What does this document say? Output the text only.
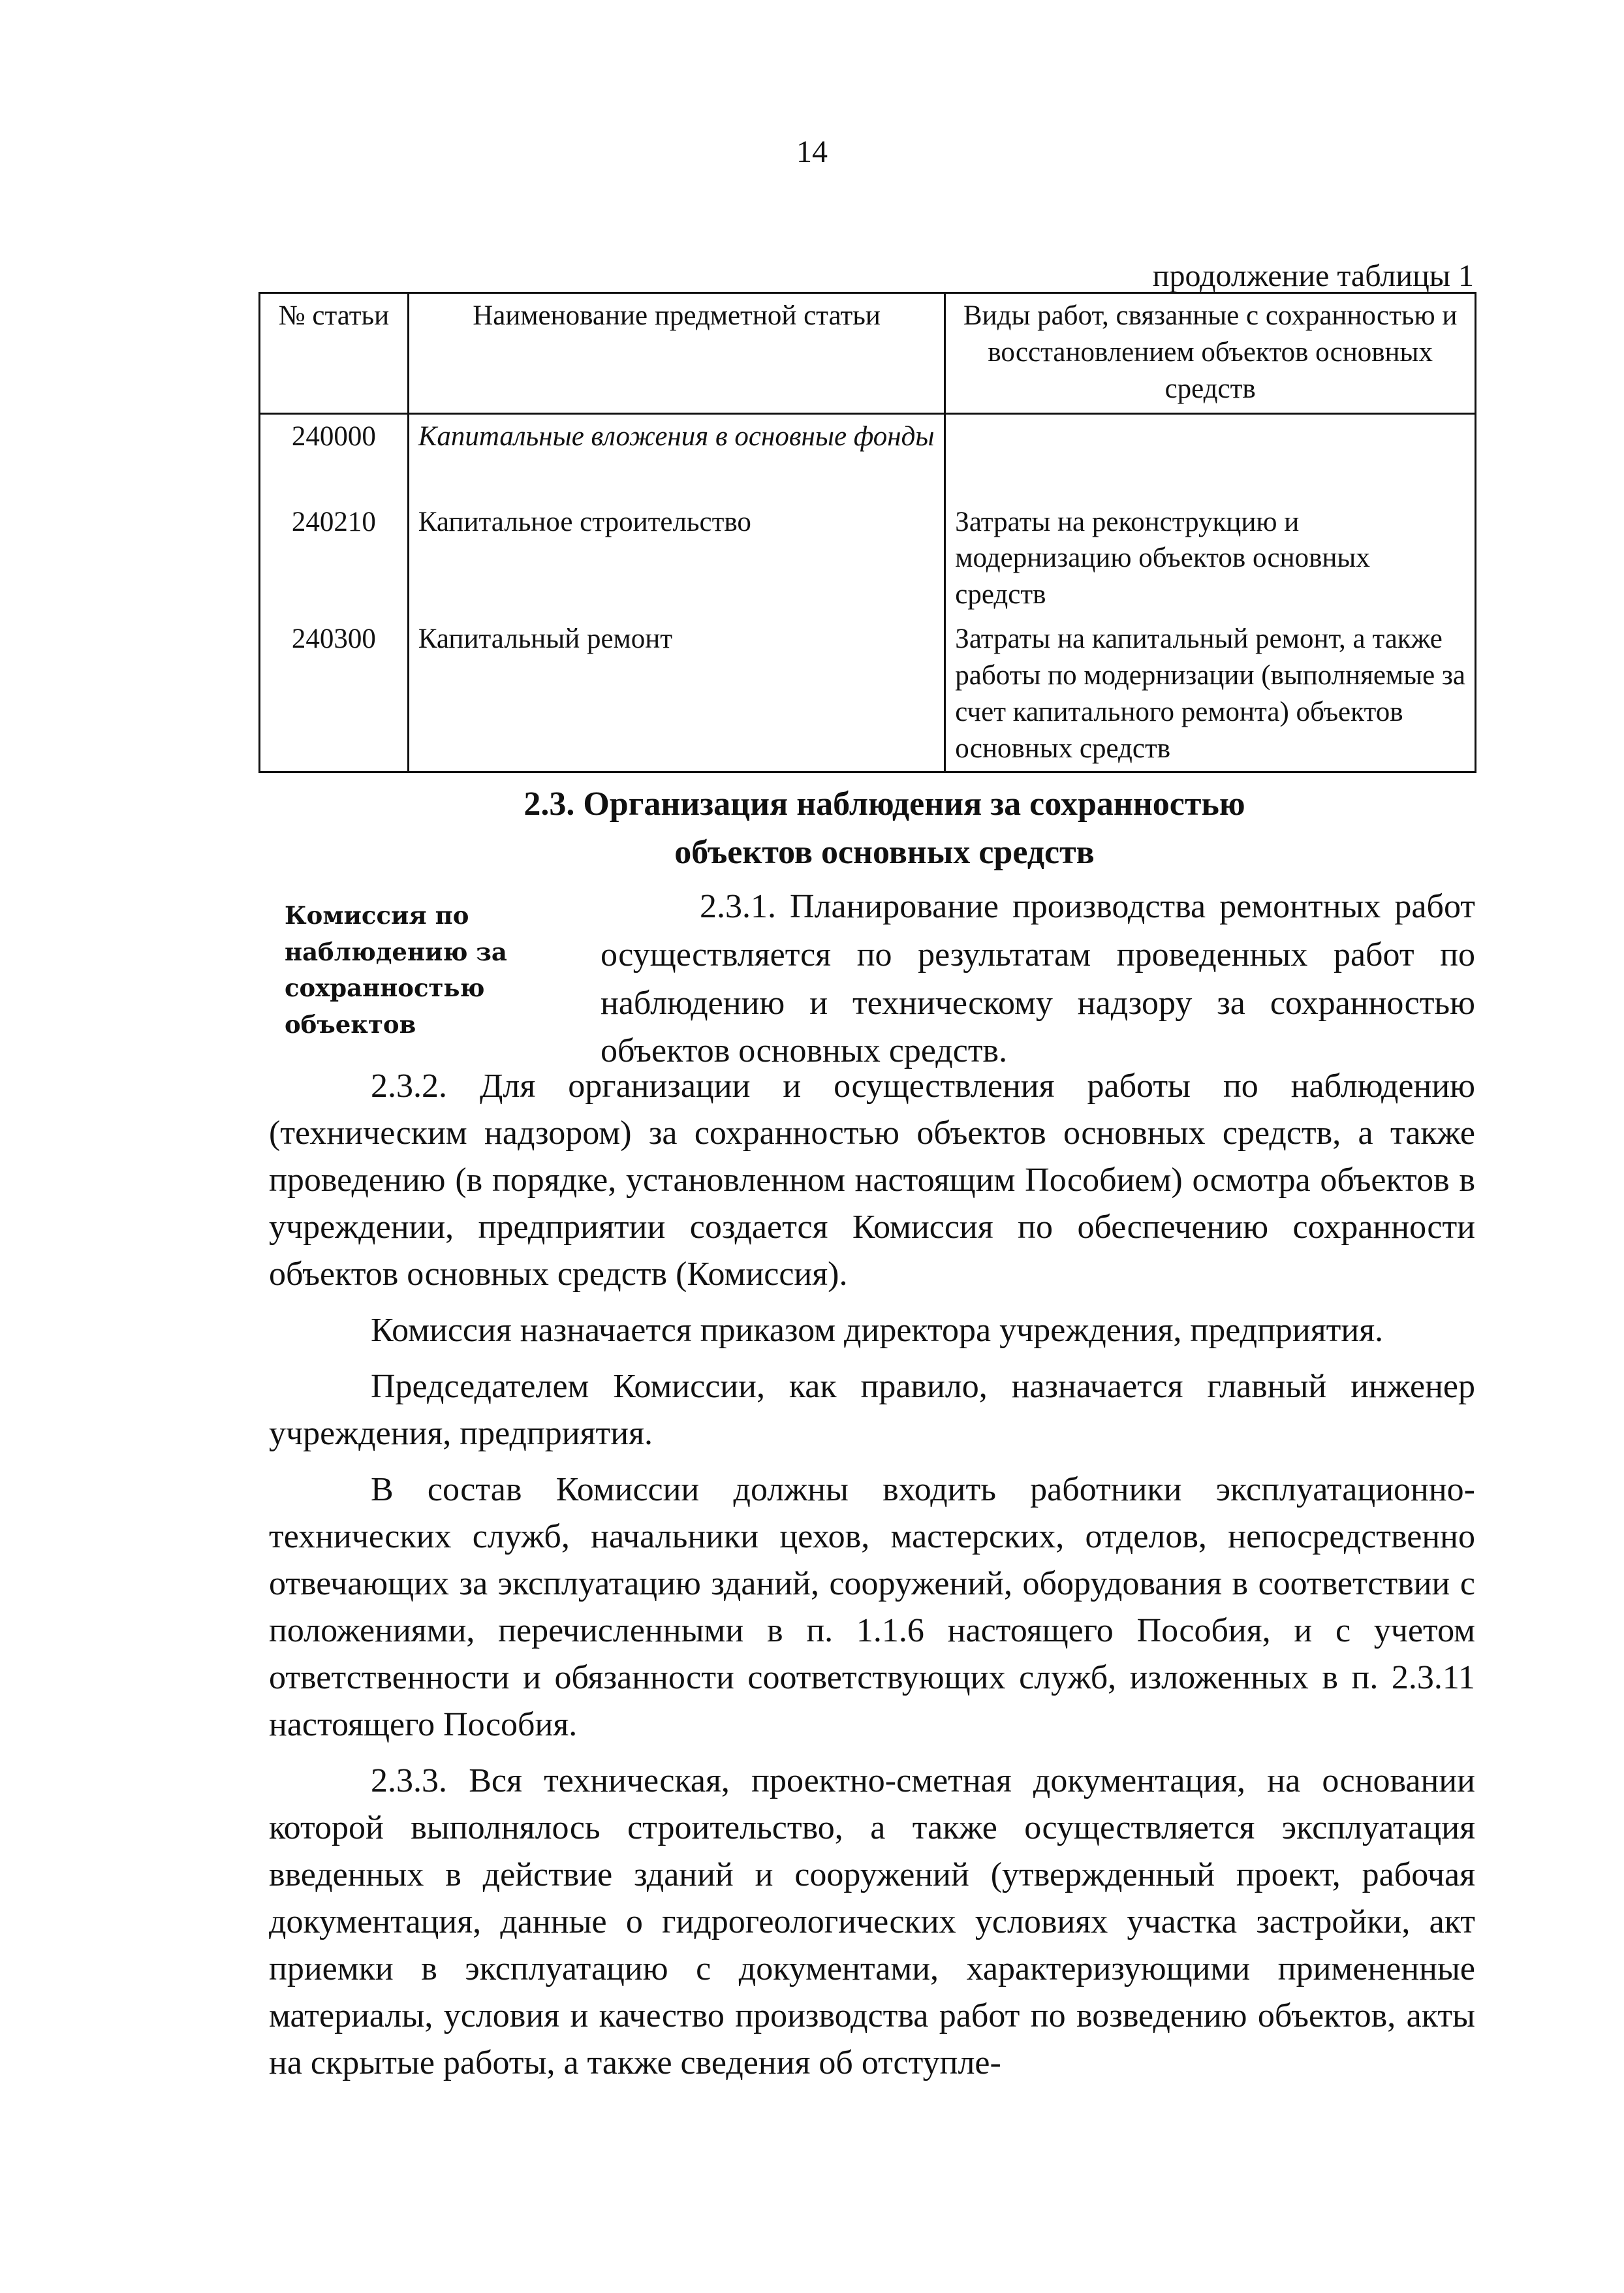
14
продолжение таблицы 1
№ статьи	Наименование предметной статьи	Виды работ, связанные с сохранностью и восстановлением объектов основных средств
240000	Капитальные вложения в основные фонды	
240210	Капитальное строительство	Затраты на реконструкцию и модернизацию объектов основных средств
240300	Капитальный ремонт	Затраты на капитальный ремонт, а также работы по модернизации (выполняемые за счет капитального ремонта) объектов основных средств
2.3. Организация наблюдения за сохранностью
объектов основных средств
Комиссия по наблюдению за сохранностью объектов
2.3.1. Планирование производства ремонтных работ осуществляется по результатам проведенных работ по наблюдению и техническому надзору за сохранностью объектов основных средств.

2.3.2. Для организации и осуществления работы по наблюдению (техническим надзором) за сохранностью объектов основных средств, а также проведению (в порядке, установленном настоящим Пособием) осмотра объектов в учреждении, предприятии создается Комиссия по обеспечению сохранности объектов основных средств (Комиссия).

Комиссия назначается приказом директора учреждения, предприятия.

Председателем Комиссии, как правило, назначается главный инженер учреждения, предприятия.

В состав Комиссии должны входить работники эксплуатационно-технических служб, начальники цехов, мастерских, отделов, непосредственно отвечающих за эксплуатацию зданий, сооружений, оборудования в соответствии с положениями, перечисленными в п. 1.1.6 настоящего Пособия, и с учетом ответственности и обязанности соответствующих служб, изложенных в п. 2.3.11 настоящего Пособия.

2.3.3. Вся техническая, проектно-сметная документация, на основании которой выполнялось строительство, а также осуществляется эксплуатация введенных в действие зданий и сооружений (утвержденный проект, рабочая документация, данные о гидрогеологических условиях участка застройки, акт приемки в эксплуатацию с документами, характеризующими примененные материалы, условия и качество производства работ по возведению объектов, акты на скрытые работы, а также сведения об отступле-
